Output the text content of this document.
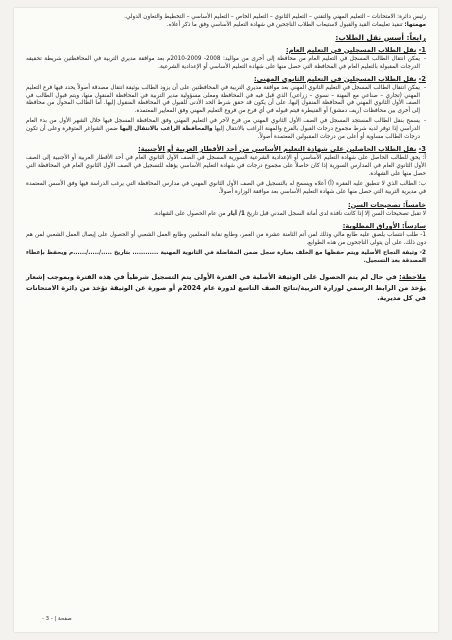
رئيس دائرة: الامتحانات – التعليم المهني والتقني – التعليم الثانوي – التعليم الخاص – التعليم الأساسي – التخطيط والتعاون الدولي.

مهمتها: تنفيذ تعليمات القيد والقبول لاستيعاب الطلاب الناجحين في شهادة التعليم الأساسي وفق ما ذكر أعلاه.

رابعاً: أسس نقل الطلاب:
1- نقل الطلاب المسجلين في التعليم العام:

- يمكن انتقال الطالب المسجل في التعليم العام من محافظة إلى أخرى من مواليد: 2008- 2009-2010م بعد موافقة مديري التربية في المحافظتين شريطة تحقيقه الدرجات المقبولة بالتعليم العام في المحافظة التي حصل منها على شهادة التعليم الأساسي أو الإعدادية الشرعية.

2- نقل الطلاب المسجلين في التعليم الثانوي المهني:

- يمكن انتقال الطالب المسجل في التعليم الثانوي المهني بعد موافقة مديري التربية في المحافظتين على أن يزود الطالب بوثيقة انتقال مصدقة أصولاً يحدد فيها فرع التعليم المهني (تجاري – صناعي مع المهنة – نسوي – زراعي) الذي قبل فيه في المحافظة ومعلى مسؤولية مدير التربية في المحافظة المنقول منها، ويتم قبول الطالب في الصف الأول الثانوي المهني في المحافظة المنقول إليها، على أن يكون قد حقق شرط الحد الأدنى للقبول في المحافظة المنقول إليها. أما الطالب المحول من محافظة إلى أخرى بين محافظات (ريف دمشق) أو القنيطرة فيتم قبوله في أي فرع من فروع التعليم المهني وفق المعايير المعتمدة.

- يسمح بنقل الطالب المستجد المسجل في الصف الأول الثانوي المهني من فرع لآخر في التعليم المهني وفق المحافظة المسجل فيها خلال الشهر الأول من بدء العام الدراسي إذا توفر لديه شرط مجموع درجات القبول بالفرع والمهنة الراغب بالانتقال إليها والمحافظة الراغب بالانتقال إليها ضمن الشواغر المتوفرة وعلى أن تكون درجات الطالب مساوية أو أعلى من درجات المقبولين المعتمدة أصولاً.

3- نقل الطلاب الحاصلين على شهادة التعليم الأساسي من أحد الأقطار العربية أو الأجنبية:

أ: يحق للطالب الحاصل على شهادة التعليم الأساسي أو الإعدادية الشرعية السورية المسجل في الصف الأول الثانوي العام في أحد الأقطار العربية أو الأجنبية إلى الصف الأول الثانوي العام في المدارس السورية إذا كان حاصلاً على مجموع درجات في شهادة التعليم الأساسي يؤهله للتسجيل في الصف الأول الثانوي العام في المحافظة التي حصل منها على الشهادة.

ب: الطالب الذي لا تنطبق عليه الفقرة (أ) أعلاه ويسمح له بالتسجيل في الصف الأول الثانوي المهني في مدارس المحافظة التي يرغب الدراسة فيها وفق الأسس المعتمدة في مديرية التربية التي حصل منها على شهادة التعليم الأساسي بعد موافقة الوزارة أصولاً.

خامساً: تصحيحات السن:

لا تقبل تصحيحات السن إلا إذا كانت نافذة لدى أمانة السجل المدني قبل تاريخ 1/ أيار من عام الحصول على الشهادة.

سادساً: الأوراق المطلوبة:

1- طلب انتساب يلصق عليه طابع مالي وذلك لمن أتم الثامنة عشرة من العمر، وطابع نقابة المعلمين وطابع العمل الشعبي أو الحصول على إيصال العمل الشعبي لمن هم دون ذلك، على أن يتولى الناجحون من هذه الطوابع.

2- وثيقة النجاح الأصلية ويتم حفظها مع الخلف بعبارة سجل ضمن المفاضلة في الثانوية المهنية ............ بتاريخ ...../...../......م ويحفظ بإعطاء المصدقة بعد التسجيل.

ملاحظة: في حال لم يتم الحصول على الوثيقة الأصلية في الفترة الأولى يتم التسجيل شرطياً في هذه الفترة وبموجب إشعار يؤخذ من الرابط الرسمي لوزارة التربية/نتائج الصف التاسع لدورة عام 2024م أو صورة عن الوثيقة تؤخذ من دائرة الامتحانات في كل مديرية.

صفحة | - 3 -
